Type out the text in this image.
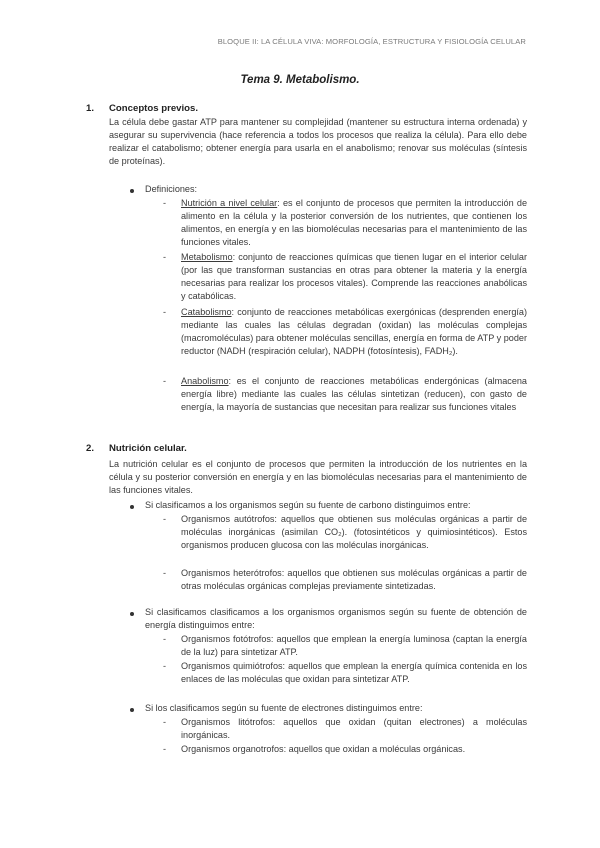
BLOQUE II: LA CÉLULA VIVA: MORFOLOGÍA, ESTRUCTURA Y FISIOLOGÍA CELULAR
Tema 9. Metabolismo.
1. Conceptos previos.
La célula debe gastar ATP para mantener su complejidad (mantener su estructura interna ordenada) y asegurar su supervivencia (hace referencia a todos los procesos que realiza la célula). Para ello debe realizar el catabolismo; obtener energía para usarla en el anabolismo; renovar sus moléculas (síntesis de proteínas).
Definiciones:
- Nutrición a nivel celular: es el conjunto de procesos que permiten la introducción de alimento en la célula y la posterior conversión de los nutrientes, que contienen los alimentos, en energía y en las biomoléculas necesarias para el mantenimiento de las funciones vitales.
- Metabolismo: conjunto de reacciones químicas que tienen lugar en el interior celular (por las que transforman sustancias en otras para obtener la materia y la energía necesarias para realizar los procesos vitales). Comprende las reacciones anabólicas y catabólicas.
- Catabolismo: conjunto de reacciones metabólicas exergónicas (desprenden energía) mediante las cuales las células degradan (oxidan) las moléculas complejas (macromoléculas) para obtener moléculas sencillas, energía en forma de ATP y poder reductor (NADH (respiración celular), NADPH (fotosíntesis), FADH₂).
- Anabolismo: es el conjunto de reacciones metabólicas endergónicas (almacena energía libre) mediante las cuales las células sintetizan (reducen), con gasto de energía, la mayoría de sustancias que necesitan para realizar sus funciones vitales
2. Nutrición celular.
La nutrición celular es el conjunto de procesos que permiten la introducción de los nutrientes en la célula y su posterior conversión en energía y en las biomoléculas necesarias para el mantenimiento de las funciones vitales.
Si clasificamos a los organismos según su fuente de carbono distinguimos entre:
- Organismos autótrofos: aquellos que obtienen sus moléculas orgánicas a partir de moléculas inorgánicas (asimilan CO₂). (fotosintéticos y quimiosintéticos). Estos organismos producen glucosa con las moléculas inorgánicas.
- Organismos heterótrofos: aquellos que obtienen sus moléculas orgánicas a partir de otras moléculas orgánicas complejas previamente sintetizadas.
Si clasificamos clasificamos a los organismos organismos según su fuente de obtención de energía distinguimos entre:
- Organismos fotótrofos: aquellos que emplean la energía luminosa (captan la energía de la luz) para sintetizar ATP.
- Organismos quimiótrofos: aquellos que emplean la energía química contenida en los enlaces de las moléculas que oxidan para sintetizar ATP.
Si los clasificamos según su fuente de electrones distinguimos entre:
- Organismos litótrofos: aquellos que oxidan (quitan electrones) a moléculas inorgánicas.
- Organismos organotrofos: aquellos que oxidan a moléculas orgánicas.
